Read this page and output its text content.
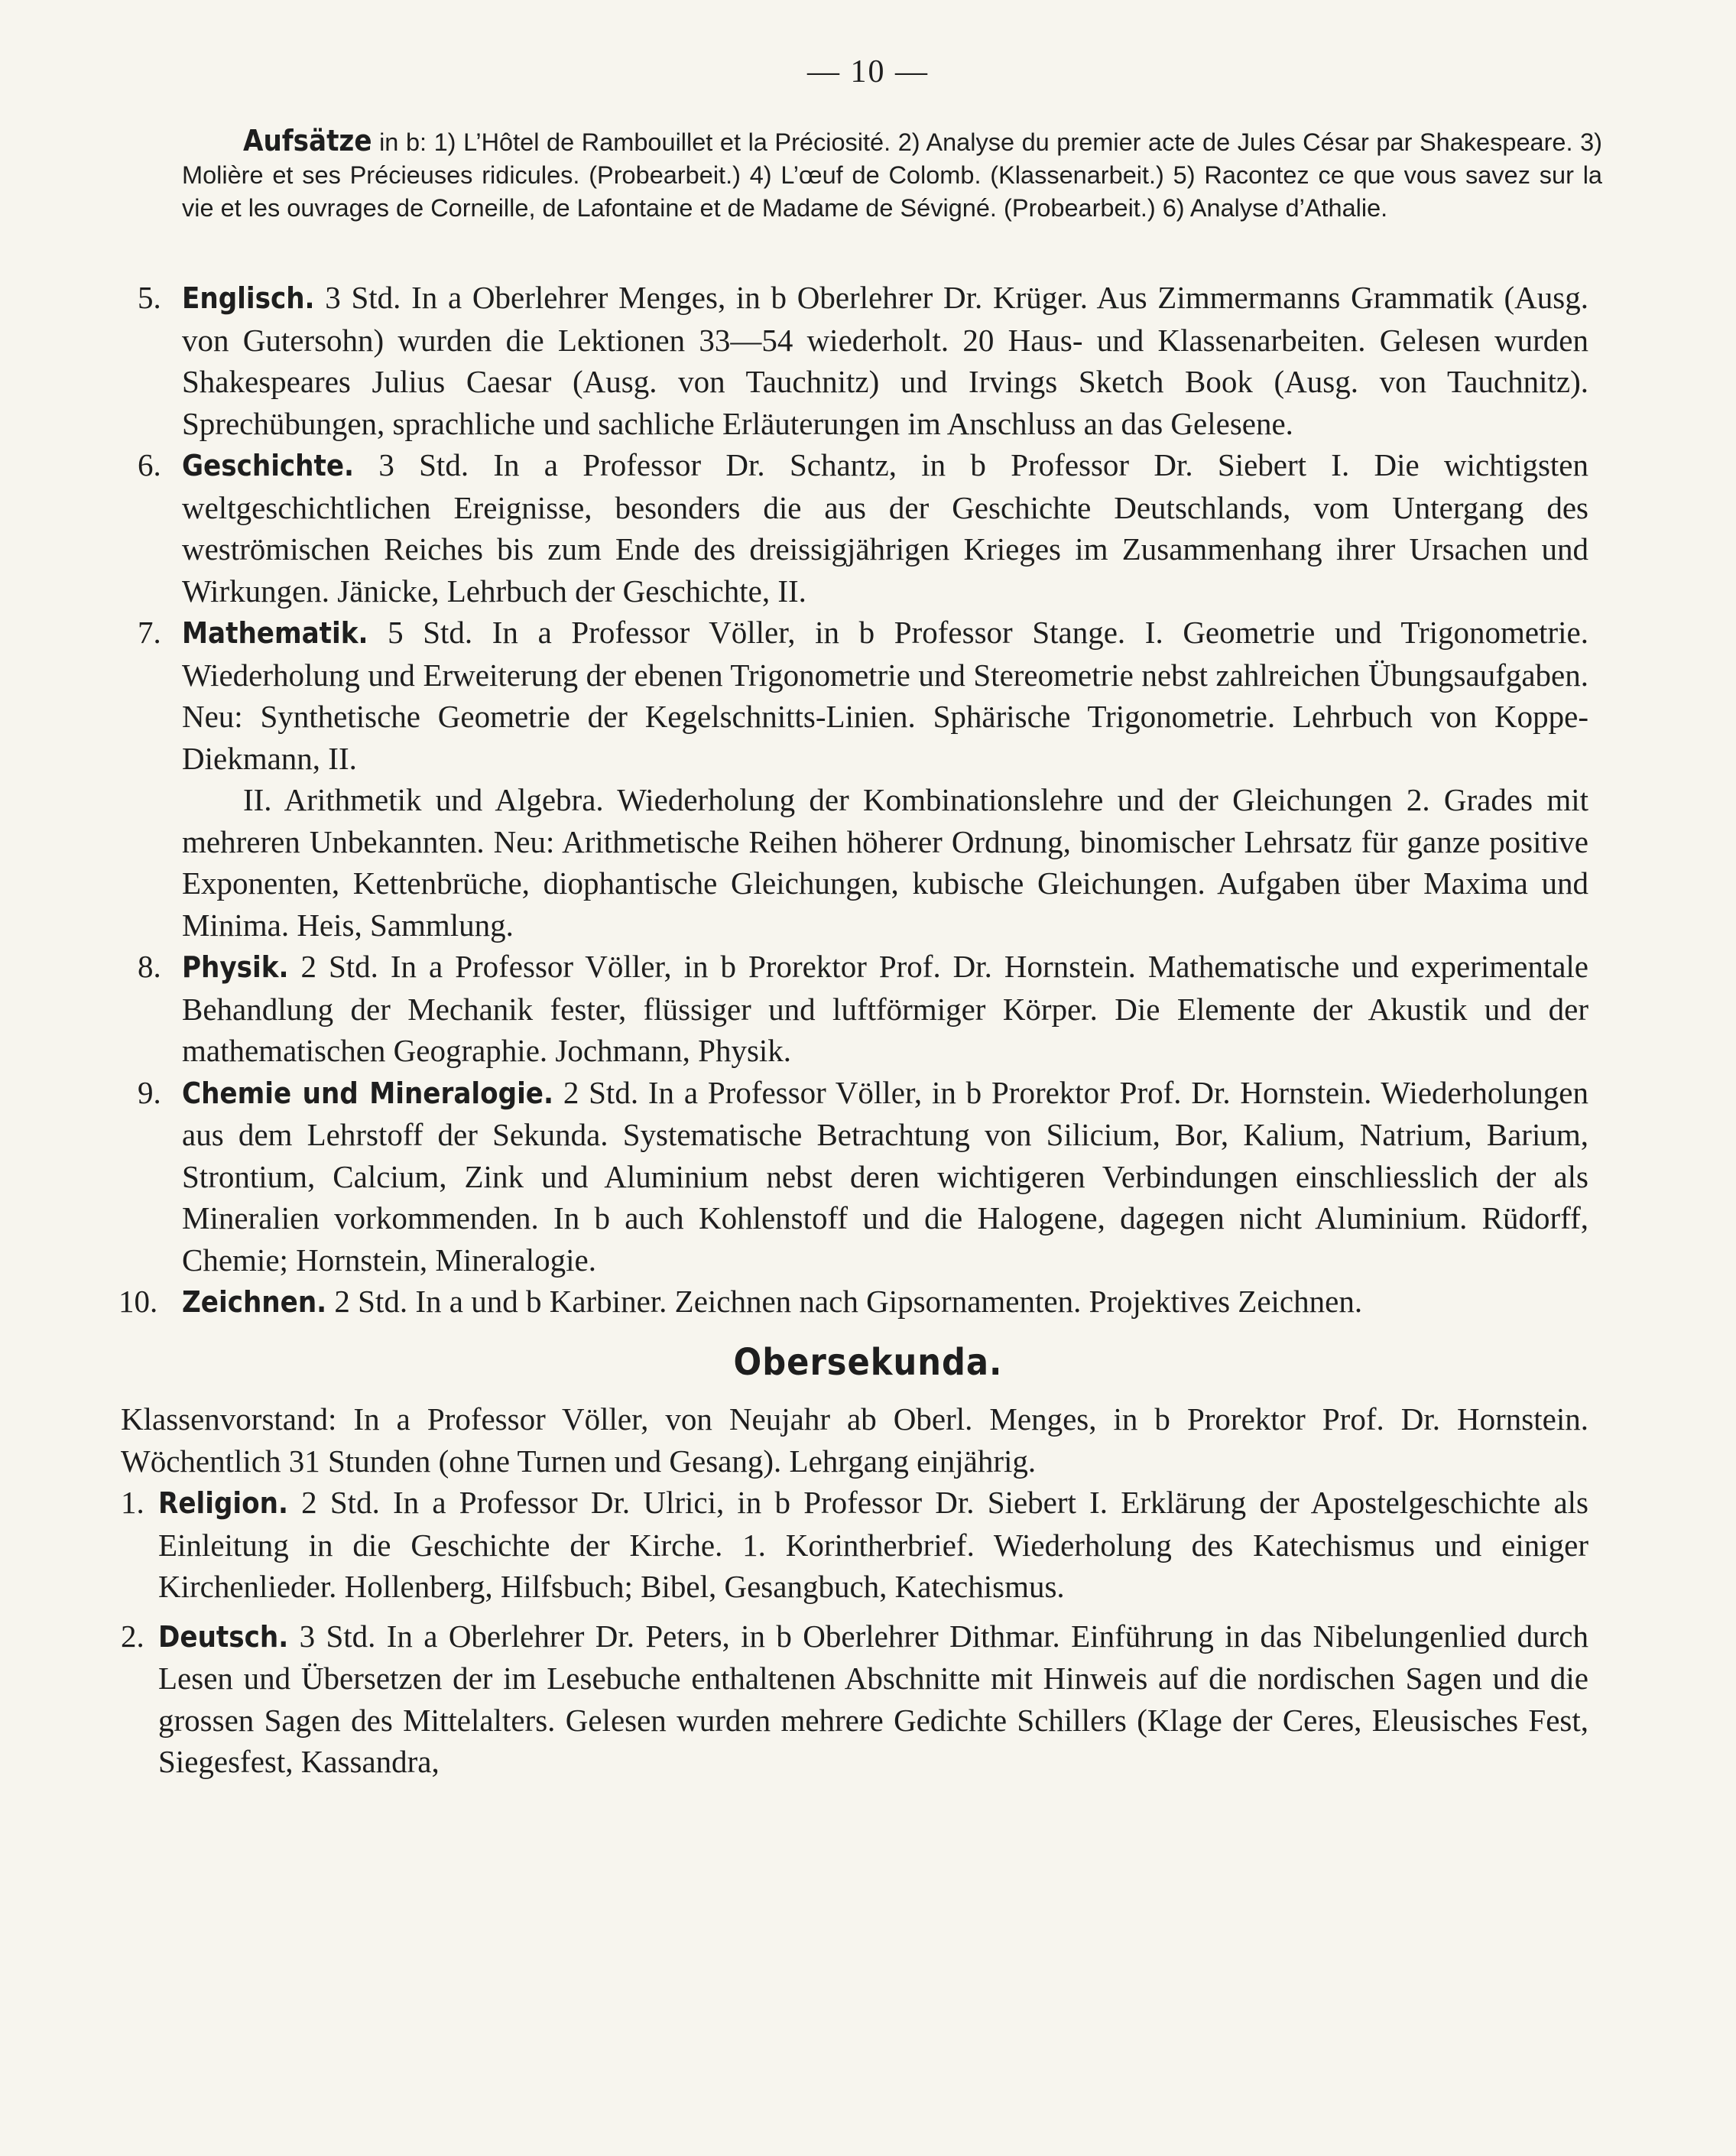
— 10 —
Aufsätze in b: 1) L’Hôtel de Rambouillet et la Préciosité. 2) Analyse du premier acte de Jules César par Shakespeare. 3) Molière et ses Précieuses ridicules. (Probearbeit.) 4) L’œuf de Colomb. (Klassenarbeit.) 5) Racontez ce que vous savez sur la vie et les ouvrages de Corneille, de Lafontaine et de Madame de Sévigné. (Probearbeit.) 6) Analyse d’Athalie.
5. Englisch. 3 Std. In a Oberlehrer Menges, in b Oberlehrer Dr. Krüger. Aus Zimmermanns Grammatik (Ausg. von Gutersohn) wurden die Lektionen 33—54 wiederholt. 20 Haus- und Klassenarbeiten. Gelesen wurden Shakespeares Julius Caesar (Ausg. von Tauchnitz) und Irvings Sketch Book (Ausg. von Tauchnitz). Sprechübungen, sprachliche und sachliche Erläuterungen im Anschluss an das Gelesene.
6. Geschichte. 3 Std. In a Professor Dr. Schantz, in b Professor Dr. Siebert I. Die wichtigsten weltgeschichtlichen Ereignisse, besonders die aus der Geschichte Deutschlands, vom Untergang des weströmischen Reiches bis zum Ende des dreissigjährigen Krieges im Zusammenhang ihrer Ursachen und Wirkungen. Jänicke, Lehrbuch der Geschichte, II.
7. Mathematik. 5 Std. In a Professor Völler, in b Professor Stange. I. Geometrie und Trigonometrie. Wiederholung und Erweiterung der ebenen Trigonometrie und Stereometrie nebst zahlreichen Übungsaufgaben. Neu: Synthetische Geometrie der Kegelschnitts-Linien. Sphärische Trigonometrie. Lehrbuch von Koppe-Diekmann, II.
II. Arithmetik und Algebra. Wiederholung der Kombinationslehre und der Gleichungen 2. Grades mit mehreren Unbekannten. Neu: Arithmetische Reihen höherer Ordnung, binomischer Lehrsatz für ganze positive Exponenten, Kettenbrüche, diophantische Gleichungen, kubische Gleichungen. Aufgaben über Maxima und Minima. Heis, Sammlung.
8. Physik. 2 Std. In a Professor Völler, in b Prorektor Prof. Dr. Hornstein. Mathematische und experimentale Behandlung der Mechanik fester, flüssiger und luftförmiger Körper. Die Elemente der Akustik und der mathematischen Geographie. Jochmann, Physik.
9. Chemie und Mineralogie. 2 Std. In a Professor Völler, in b Prorektor Prof. Dr. Hornstein. Wiederholungen aus dem Lehrstoff der Sekunda. Systematische Betrachtung von Silicium, Bor, Kalium, Natrium, Barium, Strontium, Calcium, Zink und Aluminium nebst deren wichtigeren Verbindungen einschliesslich der als Mineralien vorkommenden. In b auch Kohlenstoff und die Halogene, dagegen nicht Aluminium. Rüdorff, Chemie; Hornstein, Mineralogie.
10. Zeichnen. 2 Std. In a und b Karbiner. Zeichnen nach Gipsornamenten. Projektives Zeichnen.
Obersekunda.
Klassenvorstand: In a Professor Völler, von Neujahr ab Oberl. Menges, in b Prorektor Prof. Dr. Hornstein. Wöchentlich 31 Stunden (ohne Turnen und Gesang). Lehrgang einjährig.
1. Religion. 2 Std. In a Professor Dr. Ulrici, in b Professor Dr. Siebert I. Erklärung der Apostelgeschichte als Einleitung in die Geschichte der Kirche. 1. Korintherbrief. Wiederholung des Katechismus und einiger Kirchenlieder. Hollenberg, Hilfsbuch; Bibel, Gesangbuch, Katechismus.
2. Deutsch. 3 Std. In a Oberlehrer Dr. Peters, in b Oberlehrer Dithmar. Einführung in das Nibelungenlied durch Lesen und Übersetzen der im Lesebuche enthaltenen Abschnitte mit Hinweis auf die nordischen Sagen und die grossen Sagen des Mittelalters. Gelesen wurden mehrere Gedichte Schillers (Klage der Ceres, Eleusisches Fest, Siegesfest, Kassandra,
